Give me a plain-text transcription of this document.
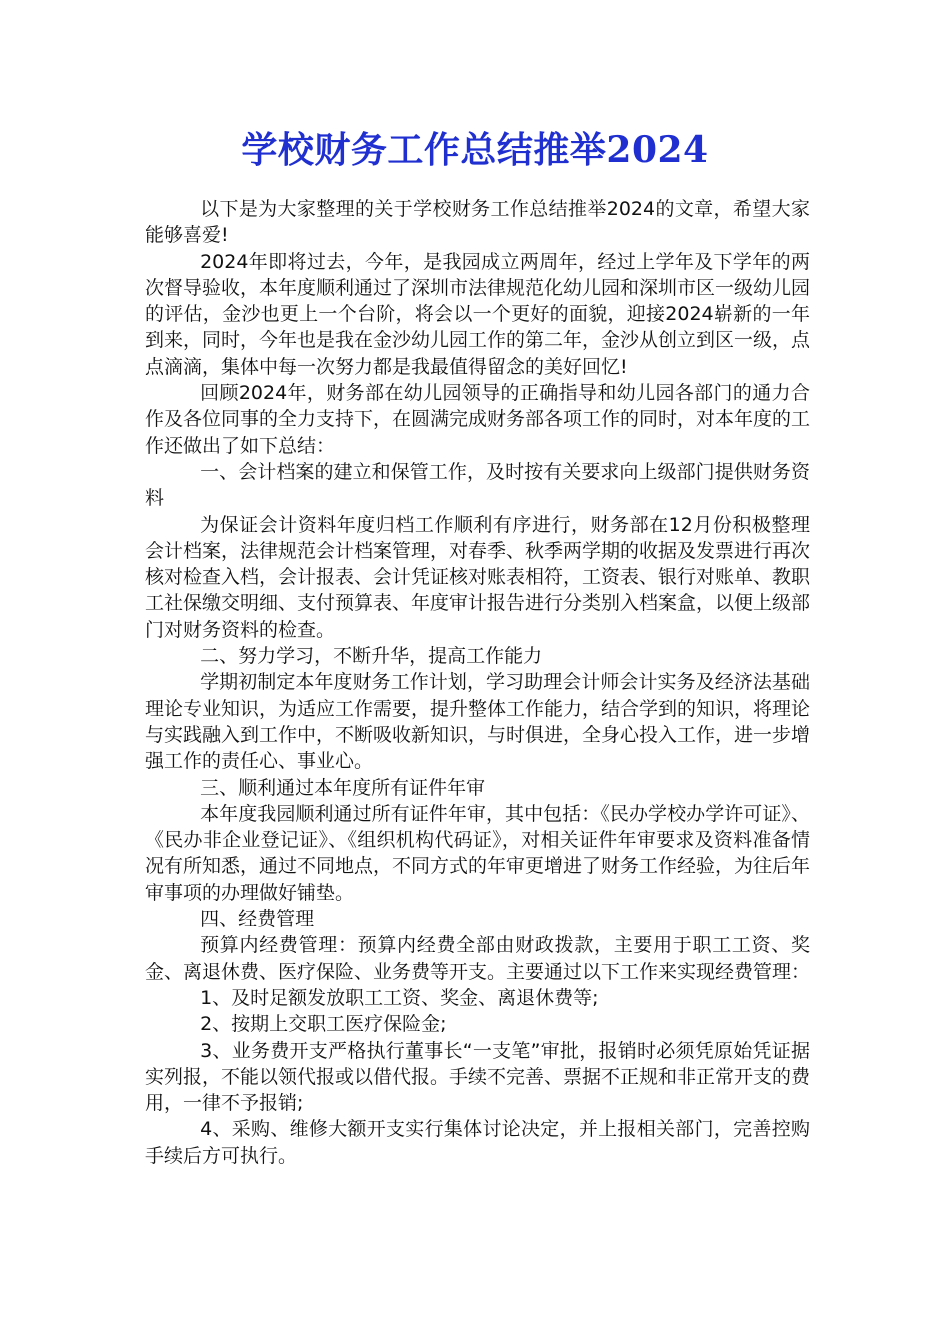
学校财务工作总结推举2024

以下是为大家整理的关于学校财务工作总结推举2024的文章，希望大家能够喜爱!

2024年即将过去，今年，是我园成立两周年，经过上学年及下学年的两次督导验收，本年度顺利通过了深圳市法律规范化幼儿园和深圳市区一级幼儿园的评估，金沙也更上一个台阶，将会以一个更好的面貌，迎接2024崭新的一年到来，同时，今年也是我在金沙幼儿园工作的第二年，金沙从创立到区一级，点点滴滴，集体中每一次努力都是我最值得留念的美好回忆!

回顾2024年，财务部在幼儿园领导的正确指导和幼儿园各部门的通力合作及各位同事的全力支持下，在圆满完成财务部各项工作的同时，对本年度的工作还做出了如下总结：

一、会计档案的建立和保管工作，及时按有关要求向上级部门提供财务资料

为保证会计资料年度归档工作顺利有序进行，财务部在12月份积极整理会计档案，法律规范会计档案管理，对春季、秋季两学期的收据及发票进行再次核对检查入档，会计报表、会计凭证核对账表相符，工资表、银行对账单、教职工社保缴交明细、支付预算表、年度审计报告进行分类别入档案盒，以便上级部门对财务资料的检查。

二、努力学习，不断升华，提高工作能力

学期初制定本年度财务工作计划，学习助理会计师会计实务及经济法基础理论专业知识，为适应工作需要，提升整体工作能力，结合学到的知识，将理论与实践融入到工作中，不断吸收新知识，与时俱进，全身心投入工作，进一步增强工作的责任心、事业心。

三、顺利通过本年度所有证件年审

本年度我园顺利通过所有证件年审，其中包括：《民办学校办学许可证》、《民办非企业登记证》、《组织机构代码证》，对相关证件年审要求及资料准备情况有所知悉，通过不同地点，不同方式的年审更增进了财务工作经验，为往后年审事项的办理做好铺垫。

四、经费管理

预算内经费管理：预算内经费全部由财政拨款，主要用于职工工资、奖金、离退休费、医疗保险、业务费等开支。主要通过以下工作来实现经费管理：

1、及时足额发放职工工资、奖金、离退休费等;

2、按期上交职工医疗保险金;

3、业务费开支严格执行董事长“一支笔”审批，报销时必须凭原始凭证据实列报，不能以领代报或以借代报。手续不完善、票据不正规和非正常开支的费用，一律不予报销;

4、采购、维修大额开支实行集体讨论决定，并上报相关部门，完善控购手续后方可执行。
